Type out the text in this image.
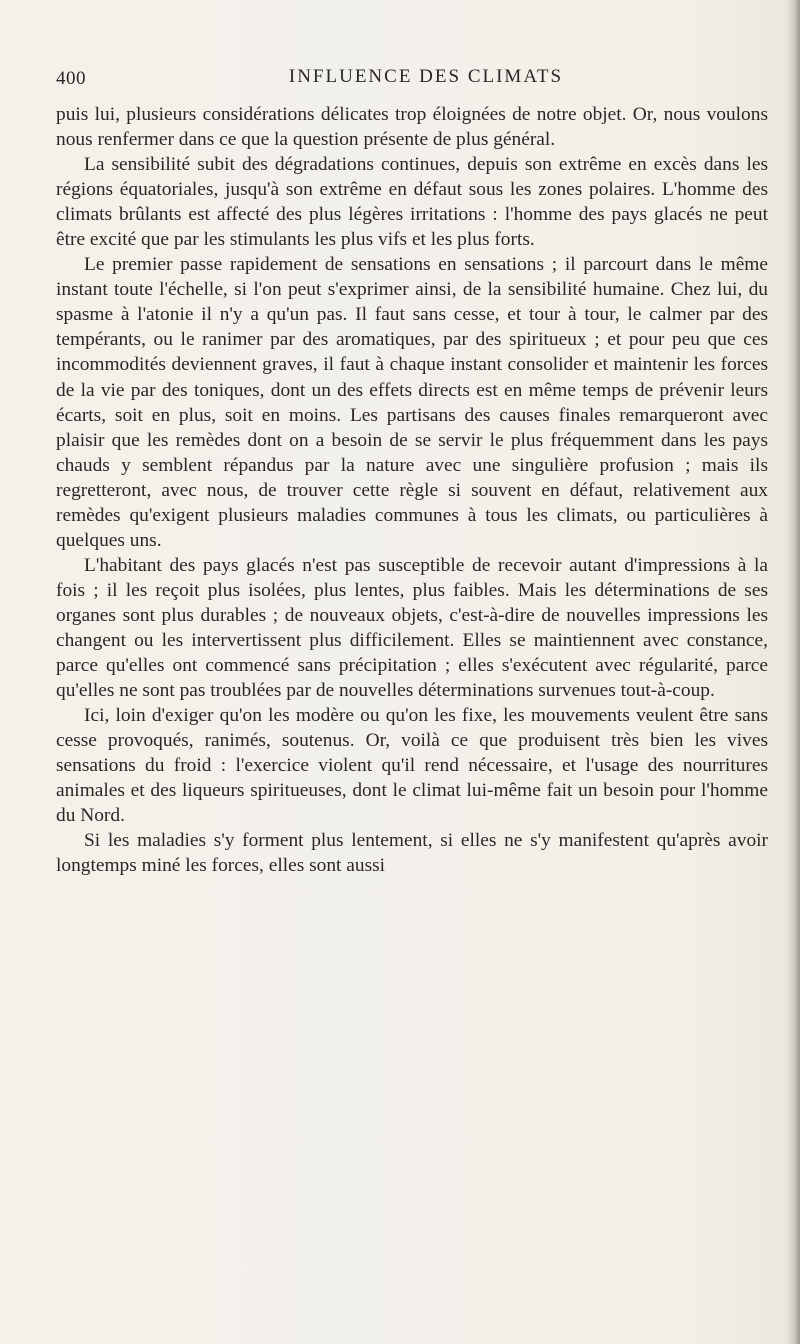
400	INFLUENCE DES CLIMATS

puis lui, plusieurs considérations délicates trop éloignées de notre objet. Or, nous voulons nous renfermer dans ce que la question présente de plus général.

La sensibilité subit des dégradations continues, depuis son extrême en excès dans les régions équatoriales, jusqu'à son extrême en défaut sous les zones polaires. L'homme des climats brûlants est affecté des plus légères irritations : l'homme des pays glacés ne peut être excité que par les stimulants les plus vifs et les plus forts.

Le premier passe rapidement de sensations en sensations ; il parcourt dans le même instant toute l'échelle, si l'on peut s'exprimer ainsi, de la sensibilité humaine. Chez lui, du spasme à l'atonie il n'y a qu'un pas. Il faut sans cesse, et tour à tour, le calmer par des tempérants, ou le ranimer par des aromatiques, par des spiritueux ; et pour peu que ces incommodités deviennent graves, il faut à chaque instant consolider et maintenir les forces de la vie par des toniques, dont un des effets directs est en même temps de prévenir leurs écarts, soit en plus, soit en moins. Les partisans des causes finales remarqueront avec plaisir que les remèdes dont on a besoin de se servir le plus fréquemment dans les pays chauds y semblent répandus par la nature avec une singulière profusion ; mais ils regretteront, avec nous, de trouver cette règle si souvent en défaut, relativement aux remèdes qu'exigent plusieurs maladies communes à tous les climats, ou particulières à quelques uns.

L'habitant des pays glacés n'est pas susceptible de recevoir autant d'impressions à la fois ; il les reçoit plus isolées, plus lentes, plus faibles. Mais les déterminations de ses organes sont plus durables ; de nouveaux objets, c'est-à-dire de nouvelles impressions les changent ou les intervertissent plus difficilement. Elles se maintiennent avec constance, parce qu'elles ont commencé sans précipitation ; elles s'exécutent avec régularité, parce qu'elles ne sont pas troublées par de nouvelles déterminations survenues tout-à-coup.

Ici, loin d'exiger qu'on les modère ou qu'on les fixe, les mouvements veulent être sans cesse provoqués, ranimés, soutenus. Or, voilà ce que produisent très bien les vives sensations du froid : l'exercice violent qu'il rend nécessaire, et l'usage des nourritures animales et des liqueurs spiritueuses, dont le climat lui-même fait un besoin pour l'homme du Nord.

Si les maladies s'y forment plus lentement, si elles ne s'y manifestent qu'après avoir longtemps miné les forces, elles sont aussi
